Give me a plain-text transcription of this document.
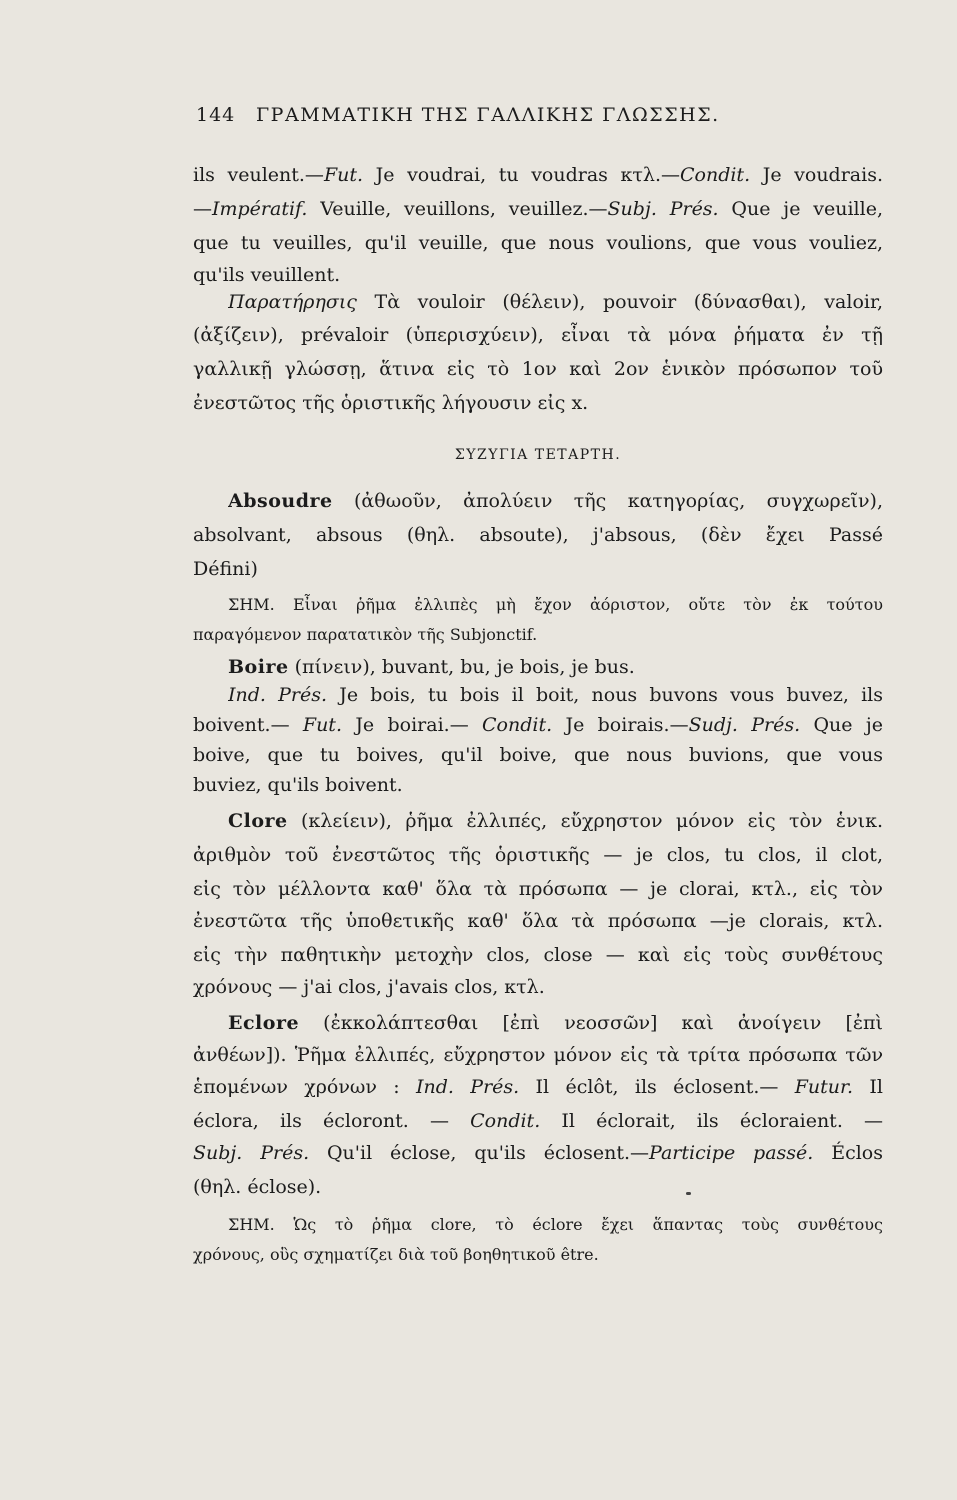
144	ΓΡΑΜΜΑΤΙΚΗ ΤΗΣ ΓΑΛΛΙΚΗΣ ΓΛΩΣΣΗΣ.
ils veulent.—Fut. Je voudrai, tu voudras κτλ.—Condit. Je voudrais.
—Impératif. Veuille, veuillons, veuillez.—Subj. Prés. Que je veuille,
que tu veuilles, qu'il veuille, que nous voulions, que vous vouliez,
qu'ils veuillent.
Παρατήρησις Τὰ vouloir (θέλειν), pouvoir (δύνασθαι), valoir,
(ἀξίζειν), prévaloir (ὑπερισχύειν), εἶναι τὰ μόνα ῥήματα ἐν τῇ
γαλλικῇ γλώσσῃ, ἅτινα εἰς τὸ 1ον καὶ 2ον ἑνικὸν πρόσωπον τοῦ
ἐνεστῶτος τῆς ὁριστικῆς λήγουσιν εἰς x.
ΣΥΖΥΓΙΑ ΤΕΤΑΡΤΗ.
Absoudre (ἀθωοῦν, ἀπολύειν τῆς κατηγορίας, συγχωρεῖν),
absolvant, absous (θηλ. absoute), j'absous, (δὲν ἔχει Passé
Défini)
ΣΗΜ. Εἶναι ῥῆμα ἐλλιπὲς μὴ ἔχον ἀόριστον, οὔτε τὸν ἐκ τούτου
παραγόμενον παρατατικὸν τῆς Subjonctif.
Boire (πίνειν), buvant, bu, je bois, je bus.
Ind. Prés. Je bois, tu bois il boit, nous buvons vous buvez, ils
boivent.— Fut. Je boirai.— Condit. Je boirais.—Sudj. Prés. Que je
boive, que tu boives, qu'il boive, que nous buvions, que vous
buviez, qu'ils boivent.
Clore (κλείειν), ῥῆμα ἐλλιπές, εὔχρηστον μόνον εἰς τὸν ἑνικ.
ἀριθμὸν τοῦ ἐνεστῶτος τῆς ὁριστικῆς — je clos, tu clos, il clot,
εἰς τὸν μέλλοντα καθ' ὅλα τὰ πρόσωπα — je clorai, κτλ., εἰς τὸν
ἐνεστῶτα τῆς ὑποθετικῆς καθ' ὅλα τὰ πρόσωπα —je clorais, κτλ.
εἰς τὴν παθητικὴν μετοχὴν clos, close — καὶ εἰς τοὺς συνθέτους
χρόνους — j'ai clos, j'avais clos, κτλ.
Eclore (ἐκκολάπτεσθαι [ἐπὶ νεοσσῶν] καὶ ἀνοίγειν [ἐπὶ
ἀνθέων]). Ῥῆμα ἐλλιπές, εὔχρηστον μόνον εἰς τὰ τρίτα πρόσωπα τῶν
ἑπομένων χρόνων : Ind. Prés. Il éclôt, ils éclosent.— Futur. Il
éclora, ils écloront. — Condit. Il éclorait, ils écloraient. —
Subj. Prés. Qu'il éclose, qu'ils éclosent.—Participe passé. Éclos
(θηλ. éclose).
ΣΗΜ. Ὡς τὸ ῥῆμα clore, τὸ éclore ἔχει ἅπαντας τοὺς συνθέτους
χρόνους, οὓς σχηματίζει διὰ τοῦ βοηθητικοῦ être.
